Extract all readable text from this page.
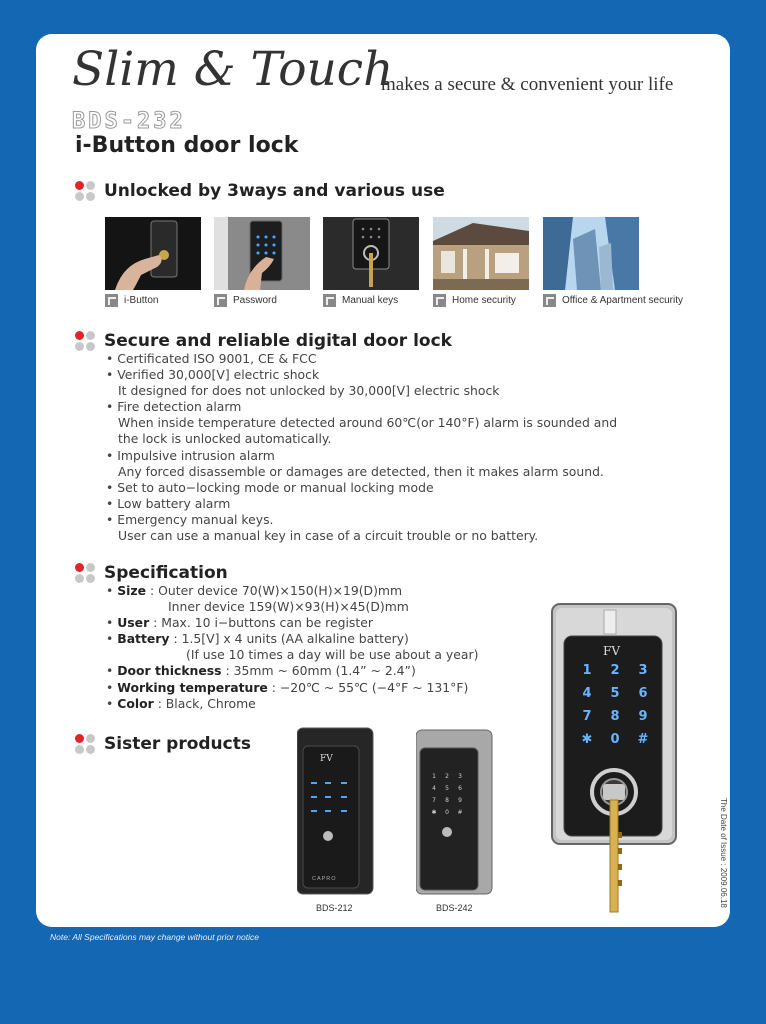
Slim & Touch
makes a secure & convenient your life
BDS-232
i-Button door lock
Unlocked by 3ways and various use
i-Button	Password	Manual keys	Home security	Office & Apartment security
Secure and reliable digital door lock
• Certificated ISO 9001, CE & FCC
• Verified 30,000[V] electric shock
It designed for does not unlocked by 30,000[V] electric shock
• Fire detection alarm
When inside temperature detected around 60℃(or 140°F) alarm is sounded and
the lock is unlocked automatically.
• Impulsive intrusion alarm
Any forced disassemble or damages are detected, then it makes alarm sound.
• Set to auto−locking mode or manual locking mode
• Low battery alarm
• Emergency manual keys.
User can use a manual key in case of a circuit trouble or no battery.
Specification
• Size : Outer device 70(W)×150(H)×19(D)mm
Inner device 159(W)×93(H)×45(D)mm
• User : Max. 10 i−buttons can be register
• Battery : 1.5[V] x 4 units (AA alkaline battery)
(If use 10 times a day will be use about a year)
• Door thickness : 35mm ~ 60mm (1.4” ~ 2.4”)
• Working temperature : −20℃ ~ 55℃ (−4°F ~ 131°F)
• Color : Black, Chrome
Sister products
FV
CAPRO
BDS-212
1 2 3
4 5 6
7 8 9
✱ 0 #
BDS-242
FV
1	2	3
4	5	6
7	8	9
✱	0	#
The Date of Issue : 2009.06.18
Note: All Specifications may change without prior notice
